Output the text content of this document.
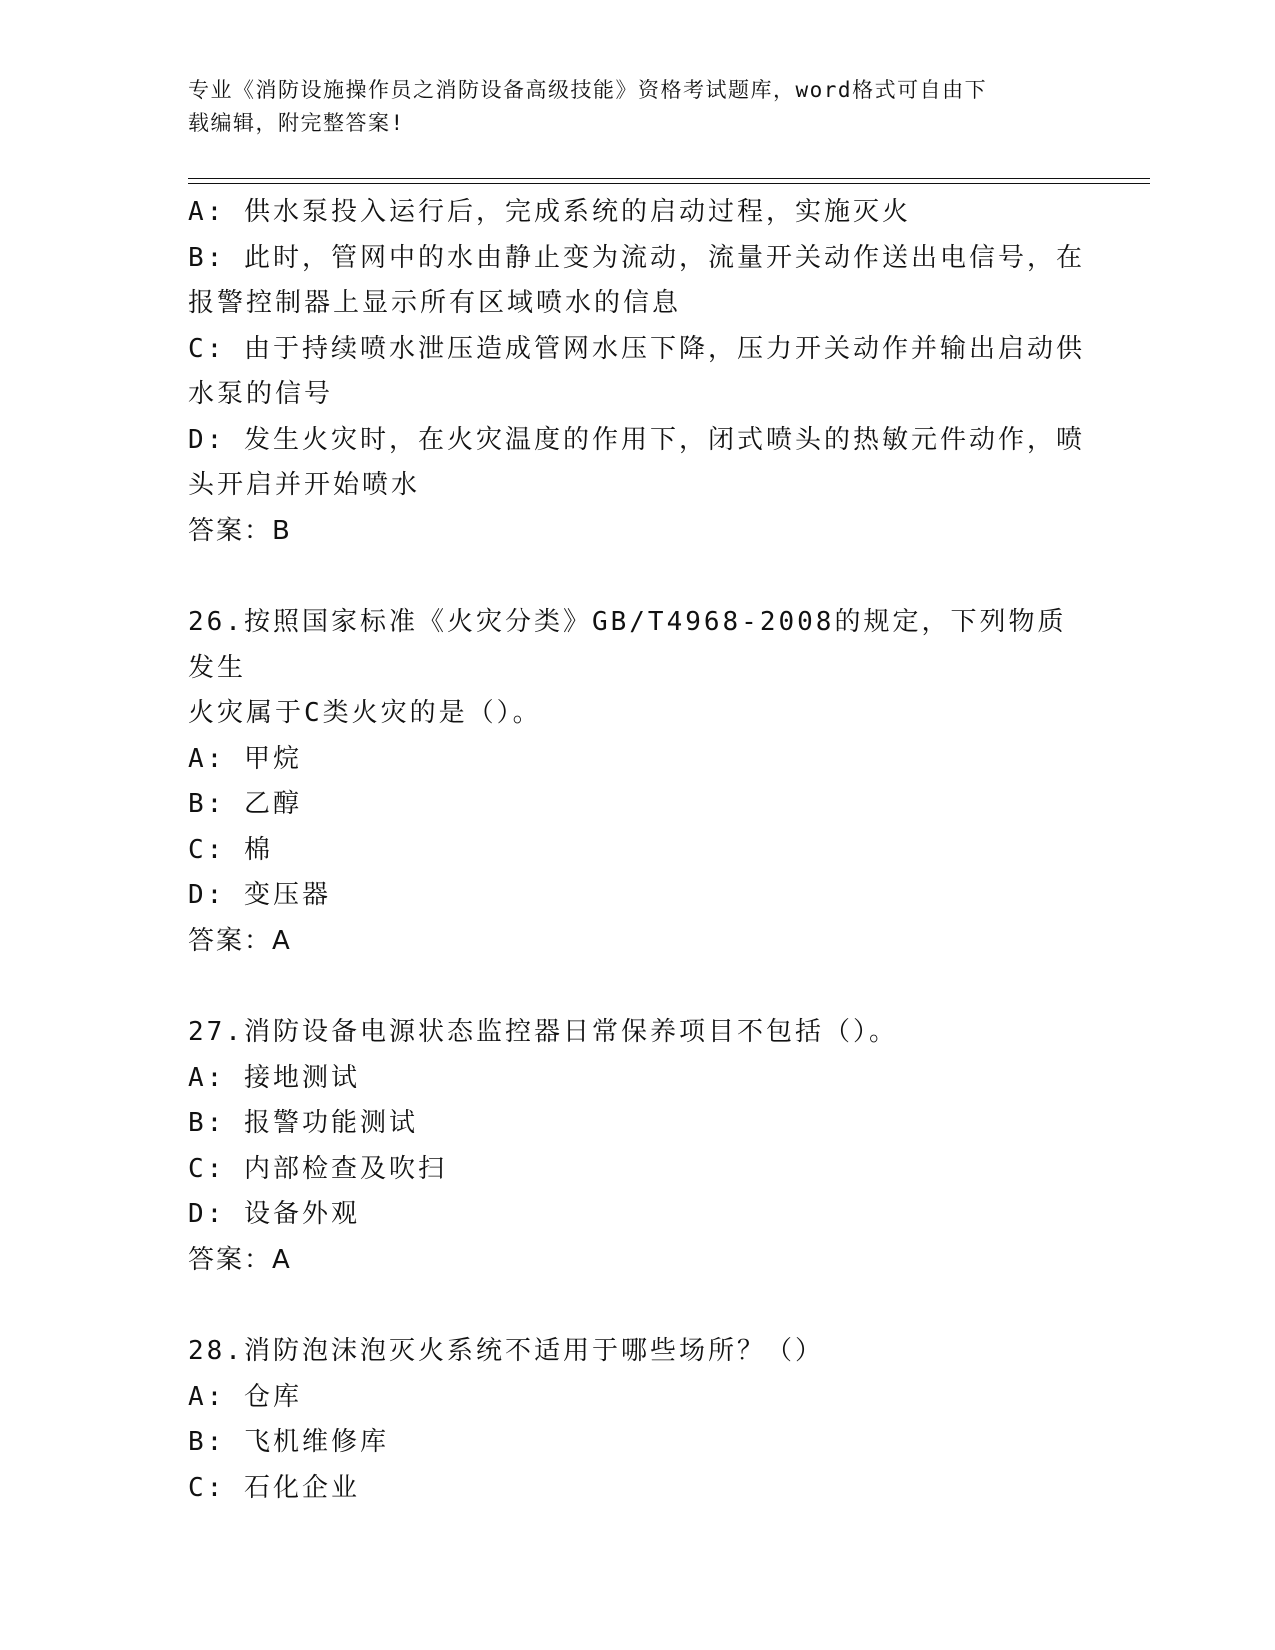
专业《消防设施操作员之消防设备高级技能》资格考试题库，word格式可自由下
载编辑，附完整答案!
A: 供水泵投入运行后，完成系统的启动过程，实施灭火
B: 此时，管网中的水由静止变为流动，流量开关动作送出电信号，在
报警控制器上显示所有区域喷水的信息
C: 由于持续喷水泄压造成管网水压下降，压力开关动作并输出启动供
水泵的信号
D: 发生火灾时，在火灾温度的作用下，闭式喷头的热敏元件动作，喷
头开启并开始喷水
答案：B
26.按照国家标准《火灾分类》GB/T4968-2008的规定，下列物质发生
火灾属于C类火灾的是（）。
A: 甲烷
B: 乙醇
C: 棉
D: 变压器
答案：A
27.消防设备电源状态监控器日常保养项目不包括（）。
A: 接地测试
B: 报警功能测试
C: 内部检查及吹扫
D: 设备外观
答案：A
28.消防泡沫泡灭火系统不适用于哪些场所？（）
A: 仓库
B: 飞机维修库
C: 石化企业
